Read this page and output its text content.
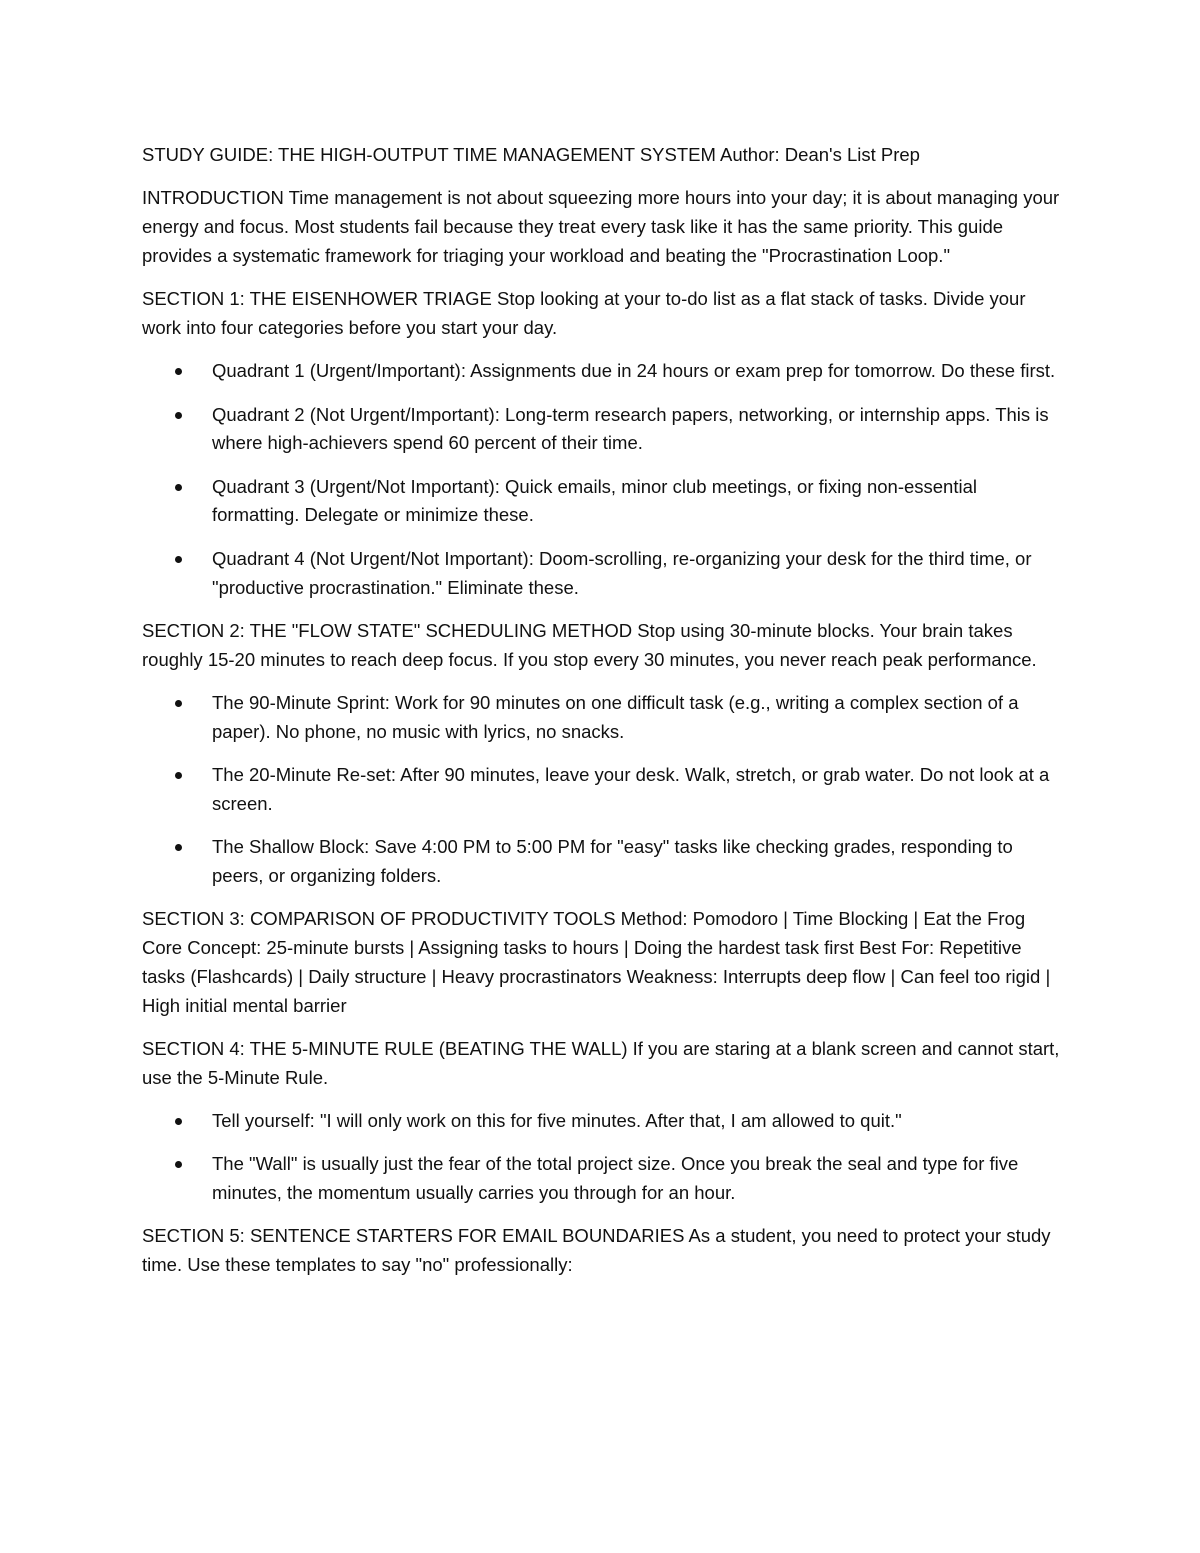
STUDY GUIDE: THE HIGH-OUTPUT TIME MANAGEMENT SYSTEM Author: Dean's List Prep

INTRODUCTION Time management is not about squeezing more hours into your day; it is about managing your energy and focus. Most students fail because they treat every task like it has the same priority. This guide provides a systematic framework for triaging your workload and beating the "Procrastination Loop."

SECTION 1: THE EISENHOWER TRIAGE Stop looking at your to-do list as a flat stack of tasks. Divide your work into four categories before you start your day.

Quadrant 1 (Urgent/Important): Assignments due in 24 hours or exam prep for tomorrow. Do these first.
Quadrant 2 (Not Urgent/Important): Long-term research papers, networking, or internship apps. This is where high-achievers spend 60 percent of their time.
Quadrant 3 (Urgent/Not Important): Quick emails, minor club meetings, or fixing non-essential formatting. Delegate or minimize these.
Quadrant 4 (Not Urgent/Not Important): Doom-scrolling, re-organizing your desk for the third time, or "productive procrastination." Eliminate these.

SECTION 2: THE "FLOW STATE" SCHEDULING METHOD Stop using 30-minute blocks. Your brain takes roughly 15-20 minutes to reach deep focus. If you stop every 30 minutes, you never reach peak performance.

The 90-Minute Sprint: Work for 90 minutes on one difficult task (e.g., writing a complex section of a paper). No phone, no music with lyrics, no snacks.
The 20-Minute Re-set: After 90 minutes, leave your desk. Walk, stretch, or grab water. Do not look at a screen.
The Shallow Block: Save 4:00 PM to 5:00 PM for "easy" tasks like checking grades, responding to peers, or organizing folders.

SECTION 3: COMPARISON OF PRODUCTIVITY TOOLS Method: Pomodoro | Time Blocking | Eat the Frog Core Concept: 25-minute bursts | Assigning tasks to hours | Doing the hardest task first Best For: Repetitive tasks (Flashcards) | Daily structure | Heavy procrastinators Weakness: Interrupts deep flow | Can feel too rigid | High initial mental barrier

SECTION 4: THE 5-MINUTE RULE (BEATING THE WALL) If you are staring at a blank screen and cannot start, use the 5-Minute Rule.

Tell yourself: "I will only work on this for five minutes. After that, I am allowed to quit."
The "Wall" is usually just the fear of the total project size. Once you break the seal and type for five minutes, the momentum usually carries you through for an hour.

SECTION 5: SENTENCE STARTERS FOR EMAIL BOUNDARIES As a student, you need to protect your study time. Use these templates to say "no" professionally:
